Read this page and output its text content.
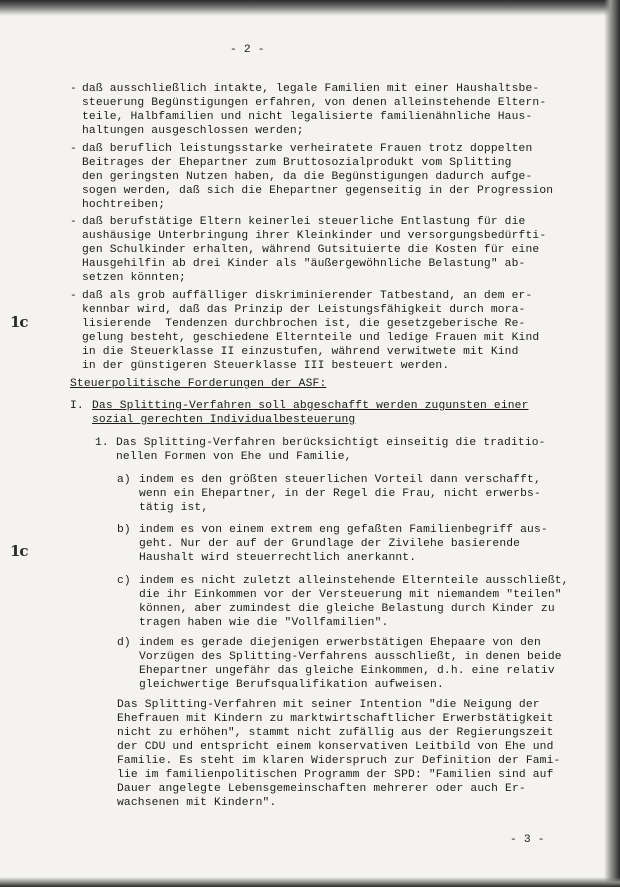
- 2 -
1c
1c
- daß ausschließlich intakte, legale Familien mit einer Haushaltsbe-
steuerung Begünstigungen erfahren, von denen alleinstehende Eltern-
teile, Halbfamilien und nicht legalisierte familienähnliche Haus-
haltungen ausgeschlossen werden;
- daß beruflich leistungsstarke verheiratete Frauen trotz doppelten
Beitrages der Ehepartner zum Bruttosozialprodukt vom Splitting
den geringsten Nutzen haben, da die Begünstigungen dadurch aufge-
sogen werden, daß sich die Ehepartner gegenseitig in der Progression
hochtreiben;
- daß berufstätige Eltern keinerlei steuerliche Entlastung für die
aushäusige Unterbringung ihrer Kleinkinder und versorgungsbedürfti-
gen Schulkinder erhalten, während Gutsituierte die Kosten für eine
Hausgehilfin ab drei Kinder als "äußergewöhnliche Belastung" ab-
setzen könnten;
- daß als grob auffälliger diskriminierender Tatbestand, an dem er-
kennbar wird, daß das Prinzip der Leistungsfähigkeit durch mora-
lisierende  Tendenzen durchbrochen ist, die gesetzgeberische Re-
gelung besteht, geschiedene Elternteile und ledige Frauen mit Kind
in die Steuerklasse II einzustufen, während verwitwete mit Kind
in der günstigeren Steuerklasse III besteuert werden.
Steuerpolitische Forderungen der ASF:
I. Das Splitting-Verfahren soll abgeschafft werden zugunsten einer
sozial gerechten Individualbesteuerung
1. Das Splitting-Verfahren berücksichtigt einseitig die traditio-
nellen Formen von Ehe und Familie,
a) indem es den größten steuerlichen Vorteil dann verschafft,
wenn ein Ehepartner, in der Regel die Frau, nicht erwerbs-
tätig ist,
b) indem es von einem extrem eng gefaßten Familienbegriff aus-
geht. Nur der auf der Grundlage der Zivilehe basierende
Haushalt wird steuerrechtlich anerkannt.
c) indem es nicht zuletzt alleinstehende Elternteile ausschließt,
die ihr Einkommen vor der Versteuerung mit niemandem "teilen"
können, aber zumindest die gleiche Belastung durch Kinder zu
tragen haben wie die "Vollfamilien".
d) indem es gerade diejenigen erwerbstätigen Ehepaare von den
Vorzügen des Splitting-Verfahrens ausschließt, in denen beide
Ehepartner ungefähr das gleiche Einkommen, d.h. eine relativ
gleichwertige Berufsqualifikation aufweisen.
Das Splitting-Verfahren mit seiner Intention "die Neigung der
Ehefrauen mit Kindern zu marktwirtschaftlicher Erwerbstätigkeit
nicht zu erhöhen", stammt nicht zufällig aus der Regierungszeit
der CDU und entspricht einem konservativen Leitbild von Ehe und
Familie. Es steht im klaren Widerspruch zur Definition der Fami-
lie im familienpolitischen Programm der SPD: "Familien sind auf
Dauer angelegte Lebensgemeinschaften mehrerer oder auch Er-
wachsenen mit Kindern".
- 3 -
